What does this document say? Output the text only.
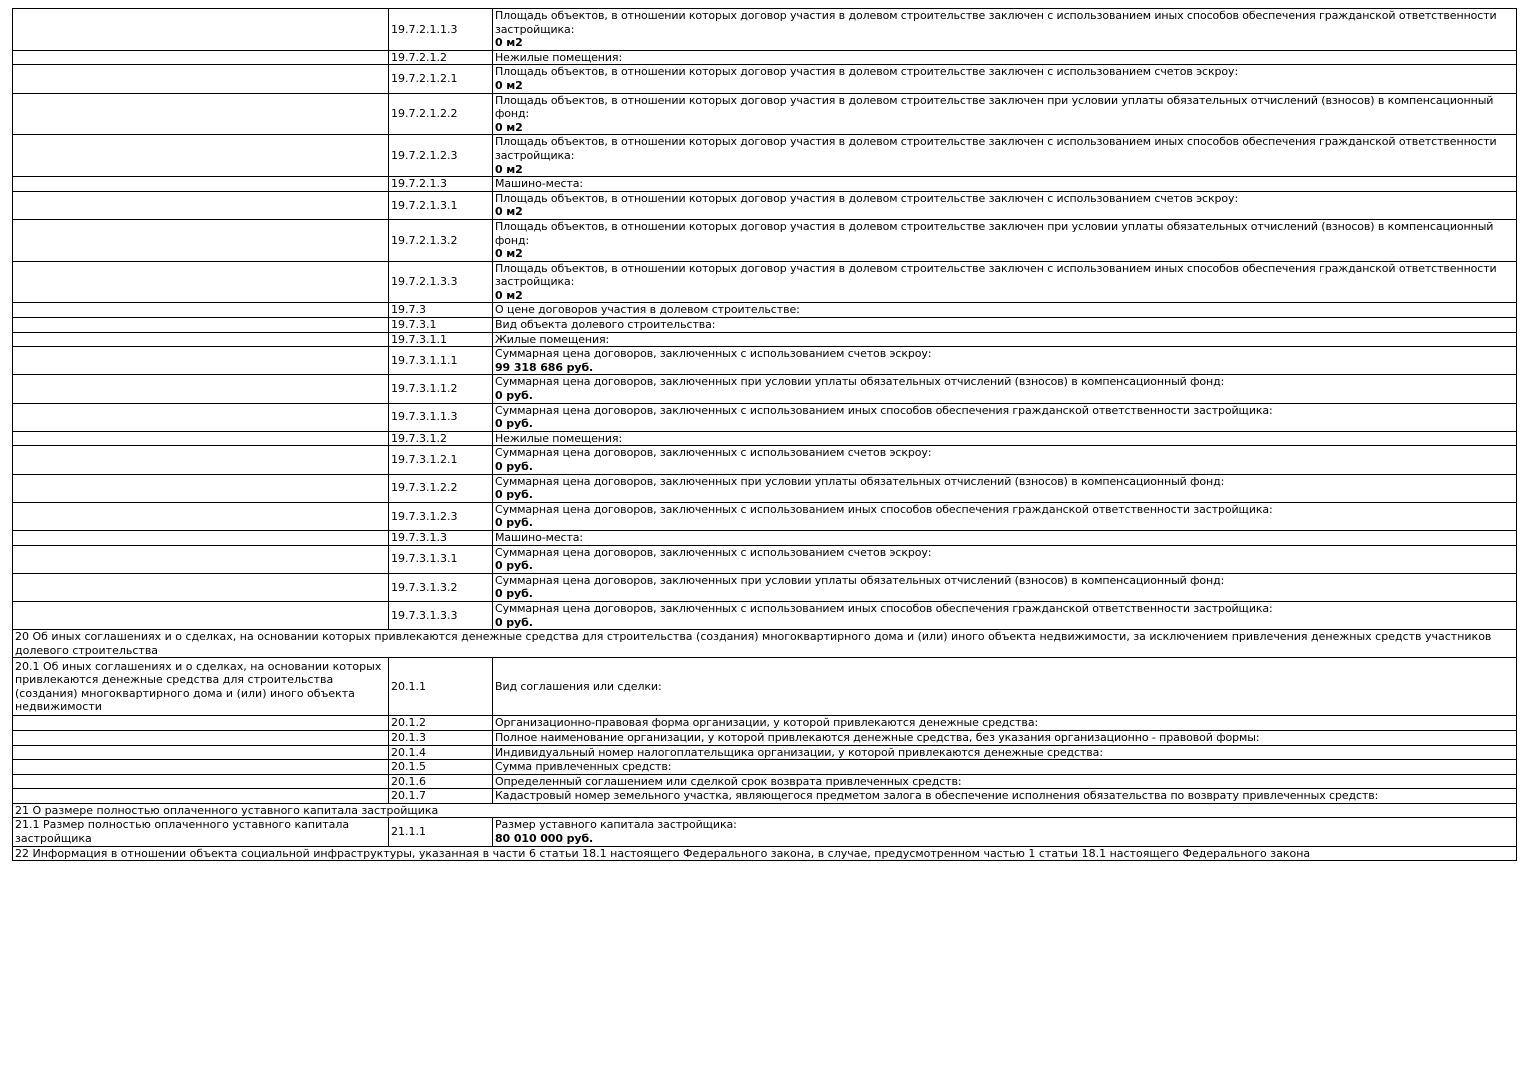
	19.7.2.1.1.3	Площадь объектов, в отношении которых договор участия в долевом строительстве заключен с использованием иных способов обеспечения гражданской ответственности застройщика:
0 м2

	19.7.2.1.2	Нежилые помещения:
	19.7.2.1.2.1	Площадь объектов, в отношении которых договор участия в долевом строительстве заключен с использованием счетов эскроу:
0 м2

	19.7.2.1.2.2	Площадь объектов, в отношении которых договор участия в долевом строительстве заключен при условии уплаты обязательных отчислений (взносов) в компенсационный фонд:
0 м2

	19.7.2.1.2.3	Площадь объектов, в отношении которых договор участия в долевом строительстве заключен с использованием иных способов обеспечения гражданской ответственности застройщика:
0 м2

	19.7.2.1.3	Машино-места:
	19.7.2.1.3.1	Площадь объектов, в отношении которых договор участия в долевом строительстве заключен с использованием счетов эскроу:
0 м2

	19.7.2.1.3.2	Площадь объектов, в отношении которых договор участия в долевом строительстве заключен при условии уплаты обязательных отчислений (взносов) в компенсационный фонд:
0 м2

	19.7.2.1.3.3	Площадь объектов, в отношении которых договор участия в долевом строительстве заключен с использованием иных способов обеспечения гражданской ответственности застройщика:
0 м2

	19.7.3	О цене договоров участия в долевом строительстве:
	19.7.3.1	Вид объекта долевого строительства:
	19.7.3.1.1	Жилые помещения:
	19.7.3.1.1.1	Суммарная цена договоров, заключенных с использованием счетов эскроу:
99 318 686 руб.

	19.7.3.1.1.2	Суммарная цена договоров, заключенных при условии уплаты обязательных отчислений (взносов) в компенсационный фонд:
0 руб.

	19.7.3.1.1.3	Суммарная цена договоров, заключенных с использованием иных способов обеспечения гражданской ответственности застройщика:
0 руб.

	19.7.3.1.2	Нежилые помещения:
	19.7.3.1.2.1	Суммарная цена договоров, заключенных с использованием счетов эскроу:
0 руб.

	19.7.3.1.2.2	Суммарная цена договоров, заключенных при условии уплаты обязательных отчислений (взносов) в компенсационный фонд:
0 руб.

	19.7.3.1.2.3	Суммарная цена договоров, заключенных с использованием иных способов обеспечения гражданской ответственности застройщика:
0 руб.

	19.7.3.1.3	Машино-места:
	19.7.3.1.3.1	Суммарная цена договоров, заключенных с использованием счетов эскроу:
0 руб.

	19.7.3.1.3.2	Суммарная цена договоров, заключенных при условии уплаты обязательных отчислений (взносов) в компенсационный фонд:
0 руб.

	19.7.3.1.3.3	Суммарная цена договоров, заключенных с использованием иных способов обеспечения гражданской ответственности застройщика:
0 руб.

20 Об иных соглашениях и о сделках, на основании которых привлекаются денежные средства для строительства (создания) многоквартирного дома и (или) иного объекта недвижимости, за исключением привлечения денежных средств участников долевого строительства		
20.1 Об иных соглашениях и о сделках, на основании которых привлекаются денежные средства для строительства (создания) многоквартирного дома и (или) иного объекта недвижимости	20.1.1	Вид соглашения или сделки:
	20.1.2	Организационно-правовая форма организации, у которой привлекаются денежные средства:
	20.1.3	Полное наименование организации, у которой привлекаются денежные средства, без указания организационно - правовой формы:
	20.1.4	Индивидуальный номер налогоплательщика организации, у которой привлекаются денежные средства:
	20.1.5	Сумма привлеченных средств:
	20.1.6	Определенный соглашением или сделкой срок возврата привлеченных средств:
	20.1.7	Кадастровый номер земельного участка, являющегося предметом залога в обеспечение исполнения обязательства по возврату привлеченных средств:
21 О размере полностью оплаченного уставного капитала застройщика		
21.1 Размер полностью оплаченного уставного капитала застройщика	21.1.1	Размер уставного капитала застройщика:
80 010 000 руб.

22 Информация в отношении объекта социальной инфраструктуры, указанная в части 6 статьи 18.1 настоящего Федерального закона, в случае, предусмотренном частью 1 статьи 18.1 настоящего Федерального закона		
